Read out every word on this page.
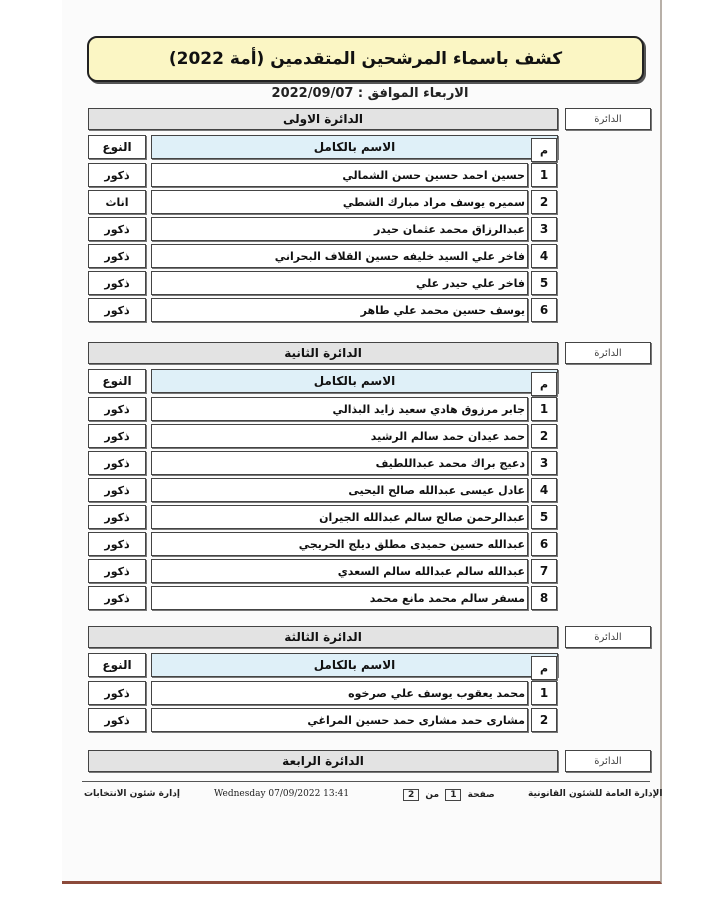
كشف باسماء المرشحين المتقدمين (أمة 2022)
الاربعاء الموافق : 2022/09/07
الدائرة الاولى	الدائرة
النوع	الاسم بالكامل	م
ذكور	حسين احمد حسين حسن الشمالي	1
اناث	سميره يوسف مراد مبارك الشطي	2
ذكور	عبدالرزاق محمد عثمان حيدر	3
ذكور	فاخر علي السيد خليفه حسين القلاف البحراني	4
ذكور	فاخر علي حيدر علي	5
ذكور	يوسف حسين محمد علي طاهر	6
الدائرة الثانية	الدائرة
النوع	الاسم بالكامل	م
ذكور	جابر مرزوق هادي سعيد زايد البذالي	1
ذكور	حمد عيدان حمد سالم الرشيد	2
ذكور	دعيج براك محمد عبداللطيف	3
ذكور	عادل عيسى عبدالله صالح اليحيى	4
ذكور	عبدالرحمن صالح سالم عبدالله الجيران	5
ذكور	عبدالله حسين حميدى مطلق ديلج الحريجي	6
ذكور	عبدالله سالم عبدالله سالم السعدي	7
ذكور	مسفر سالم محمد مانع محمد	8
الدائرة الثالثة	الدائرة
النوع	الاسم بالكامل	م
ذكور	محمد يعقوب يوسف علي صرخوه	1
ذكور	مشارى حمد مشارى حمد حسين المراغي	2
الدائرة الرابعة	الدائرة
إدارة شئون الانتخابات	Wednesday 07/09/2022 13:41	صفحة 1 من 2	الإدارة العامة للشئون القانونية
